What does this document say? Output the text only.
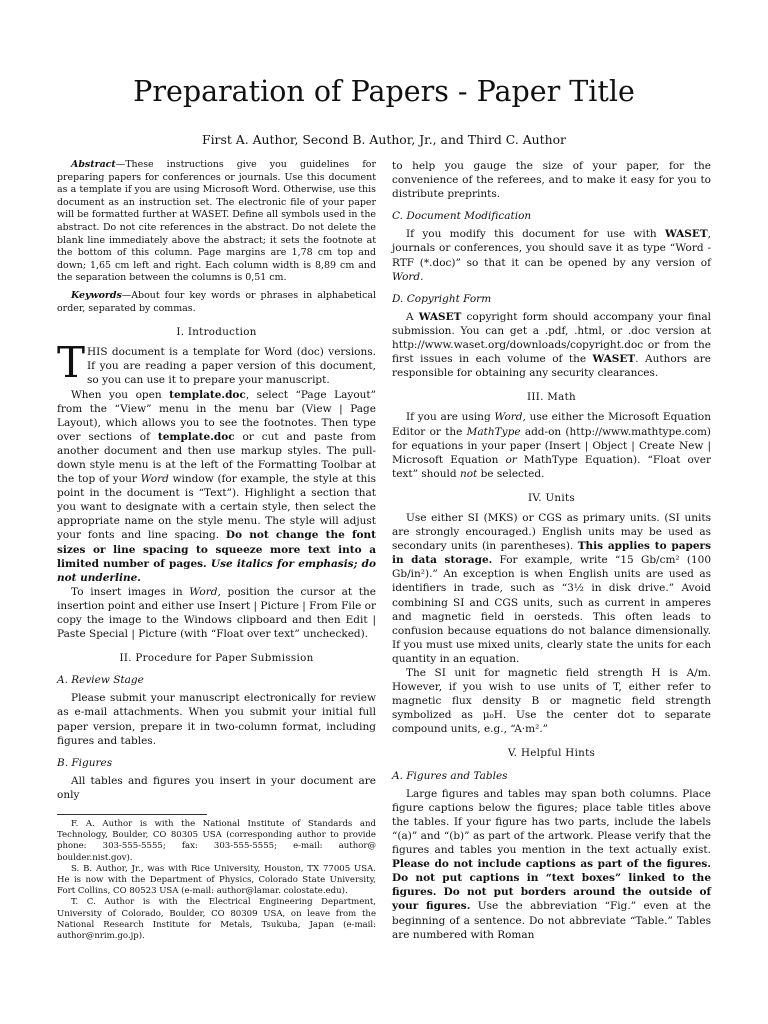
Preparation of Papers - Paper Title
First A. Author, Second B. Author, Jr., and Third C. Author

Abstract—These instructions give you guidelines for preparing papers for conferences or journals. Use this document as a template if you are using Microsoft Word. Otherwise, use this document as an instruction set. The electronic file of your paper will be formatted further at WASET. Define all symbols used in the abstract. Do not cite references in the abstract. Do not delete the blank line immediately above the abstract; it sets the footnote at the bottom of this column. Page margins are 1,78 cm top and down; 1,65 cm left and right. Each column width is 8,89 cm and the separation between the columns is 0,51 cm.

Keywords—About four key words or phrases in alphabetical order, separated by commas.

I. Introduction

THIS document is a template for Word (doc) versions. If you are reading a paper version of this document, so you can use it to prepare your manuscript.

When you open template.doc, select “Page Layout” from the “View” menu in the menu bar (View | Page Layout), which allows you to see the footnotes. Then type over sections of template.doc or cut and paste from another document and then use markup styles. The pull-down style menu is at the left of the Formatting Toolbar at the top of your Word window (for example, the style at this point in the document is “Text”). Highlight a section that you want to designate with a certain style, then select the appropriate name on the style menu. The style will adjust your fonts and line spacing. Do not change the font sizes or line spacing to squeeze more text into a limited number of pages. Use italics for emphasis; do not underline.

To insert images in Word, position the cursor at the insertion point and either use Insert | Picture | From File or copy the image to the Windows clipboard and then Edit | Paste Special | Picture (with “Float over text” unchecked).

II. Procedure for Paper Submission

A. Review Stage

Please submit your manuscript electronically for review as e-mail attachments. When you submit your initial full paper version, prepare it in two-column format, including figures and tables.

B. Figures

All tables and figures you insert in your document are only

F. A. Author is with the National Institute of Standards and Technology, Boulder, CO 80305 USA (corresponding author to provide phone: 303-555-5555; fax: 303-555-5555; e-mail: author@ boulder.nist.gov).

S. B. Author, Jr., was with Rice University, Houston, TX 77005 USA. He is now with the Department of Physics, Colorado State University, Fort Collins, CO 80523 USA (e-mail: author@lamar. colostate.edu).

T. C. Author is with the Electrical Engineering Department, University of Colorado, Boulder, CO 80309 USA, on leave from the National Research Institute for Metals, Tsukuba, Japan (e-mail: author@nrim.go.jp).

to help you gauge the size of your paper, for the convenience of the referees, and to make it easy for you to distribute preprints.

C. Document Modification

If you modify this document for use with WASET, journals or conferences, you should save it as type “Word - RTF (*.doc)” so that it can be opened by any version of Word.

D. Copyright Form

A WASET copyright form should accompany your final submission. You can get a .pdf, .html, or .doc version at http://www.waset.org/downloads/copyright.doc or from the first issues in each volume of the WASET. Authors are responsible for obtaining any security clearances.

III. Math

If you are using Word, use either the Microsoft Equation Editor or the MathType add-on (http://www.mathtype.com) for equations in your paper (Insert | Object | Create New | Microsoft Equation or MathType Equation). “Float over text” should not be selected.

IV. Units

Use either SI (MKS) or CGS as primary units. (SI units are strongly encouraged.) English units may be used as secondary units (in parentheses). This applies to papers in data storage. For example, write “15 Gb/cm² (100 Gb/in²).” An exception is when English units are used as identifiers in trade, such as “3½ in disk drive.” Avoid combining SI and CGS units, such as current in amperes and magnetic field in oersteds. This often leads to confusion because equations do not balance dimensionally. If you must use mixed units, clearly state the units for each quantity in an equation.

The SI unit for magnetic field strength H is A/m. However, if you wish to use units of T, either refer to magnetic flux density B or magnetic field strength symbolized as μ₀H. Use the center dot to separate compound units, e.g., “A·m².”

V. Helpful Hints

A. Figures and Tables

Large figures and tables may span both columns. Place figure captions below the figures; place table titles above the tables. If your figure has two parts, include the labels “(a)” and “(b)” as part of the artwork. Please verify that the figures and tables you mention in the text actually exist. Please do not include captions as part of the figures. Do not put captions in “text boxes” linked to the figures. Do not put borders around the outside of your figures. Use the abbreviation “Fig.” even at the beginning of a sentence. Do not abbreviate “Table.” Tables are numbered with Roman
